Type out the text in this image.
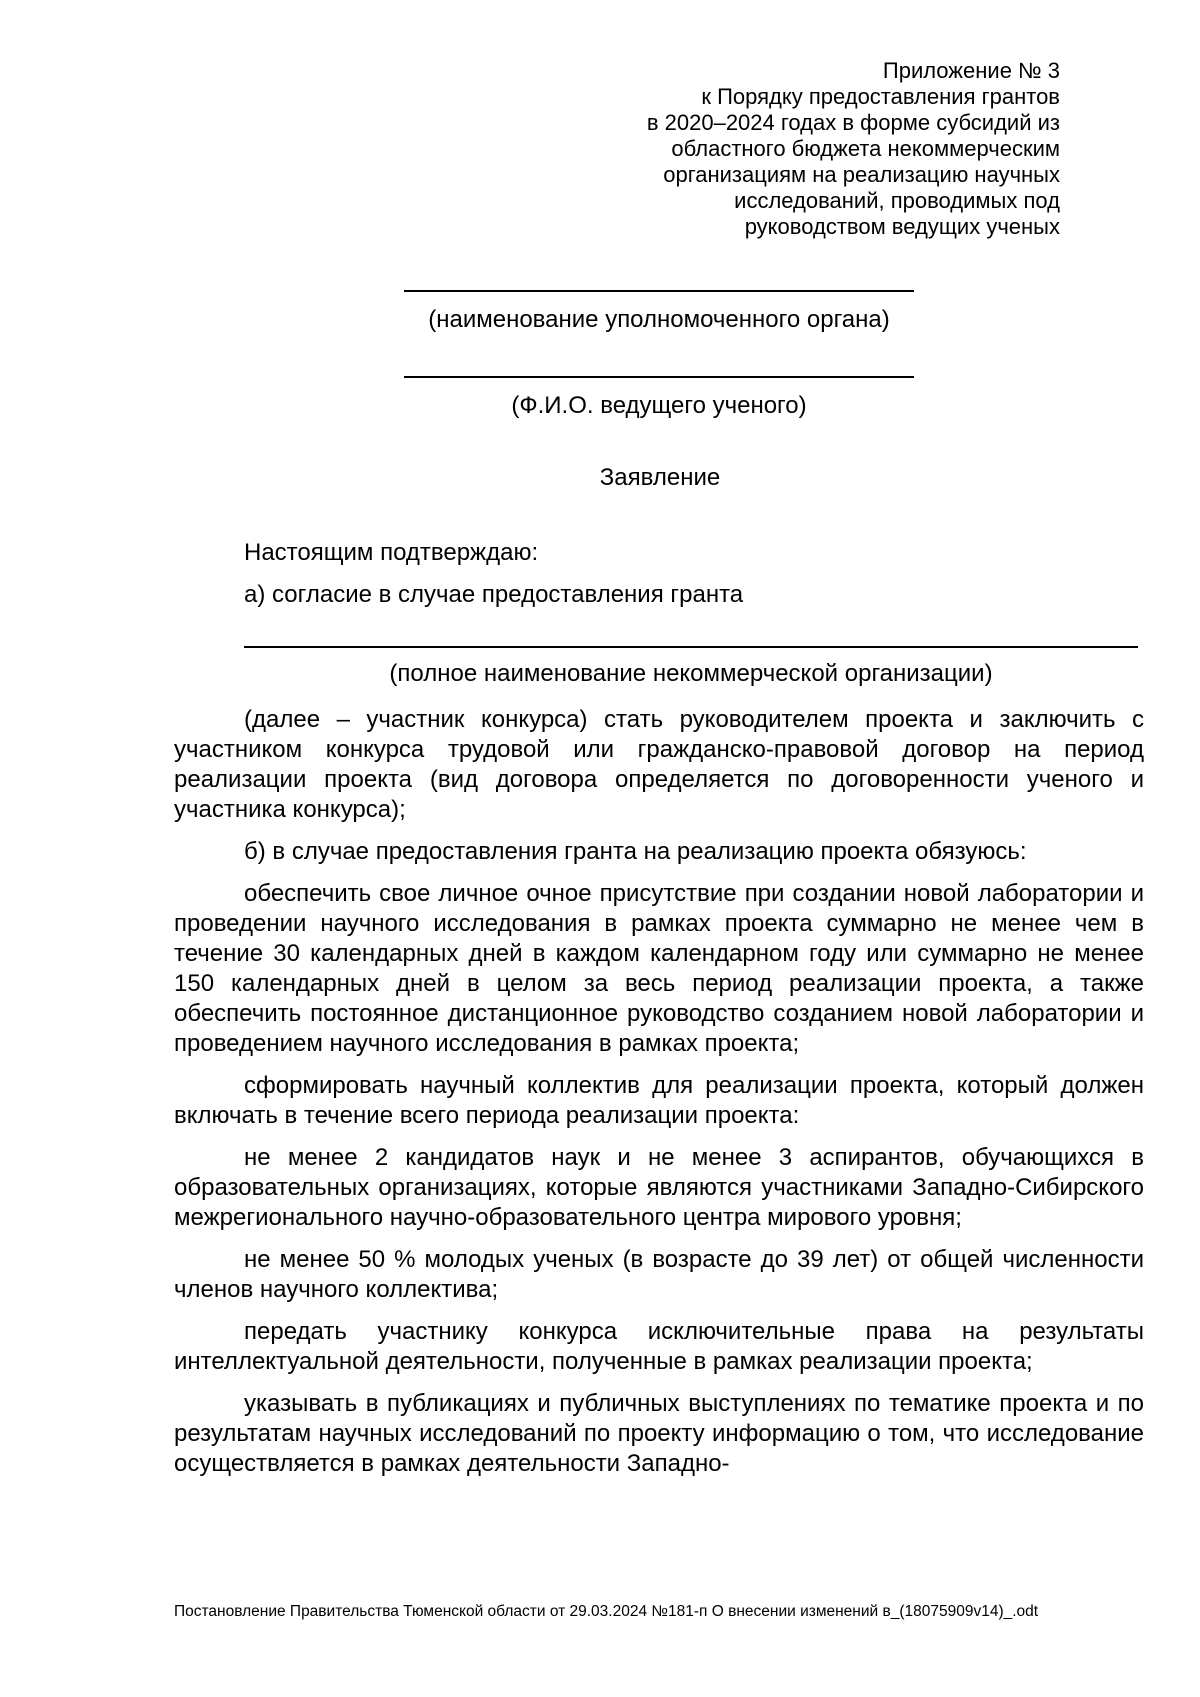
Приложение № 3
к Порядку предоставления грантов
в 2020–2024 годах в форме субсидий из
областного бюджета некоммерческим
организациям на реализацию научных
исследований, проводимых под
руководством ведущих ученых
(наименование уполномоченного органа)
(Ф.И.О. ведущего ученого)
Заявление

Настоящим подтверждаю:

а) согласие в случае предоставления гранта

(полное наименование некоммерческой организации)

(далее – участник конкурса) стать руководителем проекта и заключить с участником конкурса трудовой или гражданско-правовой договор на период реализации проекта (вид договора определяется по договоренности ученого и участника конкурса);

б) в случае предоставления гранта на реализацию проекта обязуюсь:

обеспечить свое личное очное присутствие при создании новой лаборатории и проведении научного исследования в рамках проекта суммарно не менее чем в течение 30 календарных дней в каждом календарном году или суммарно не менее 150 календарных дней в целом за весь период реализации проекта, а также обеспечить постоянное дистанционное руководство созданием новой лаборатории и проведением научного исследования в рамках проекта;

сформировать научный коллектив для реализации проекта, который должен включать в течение всего периода реализации проекта:

не менее 2 кандидатов наук и не менее 3 аспирантов, обучающихся в образовательных организациях, которые являются участниками Западно-Сибирского межрегионального научно-образовательного центра мирового уровня;

не менее 50 % молодых ученых (в возрасте до 39 лет) от общей численности членов научного коллектива;

передать участнику конкурса исключительные права на результаты интеллектуальной деятельности, полученные в рамках реализации проекта;

указывать в публикациях и публичных выступлениях по тематике проекта и по результатам научных исследований по проекту информацию о том, что исследование осуществляется в рамках деятельности Западно-

Постановление Правительства Тюменской области от 29.03.2024 №181-п О внесении изменений в_(18075909v14)_.odt
